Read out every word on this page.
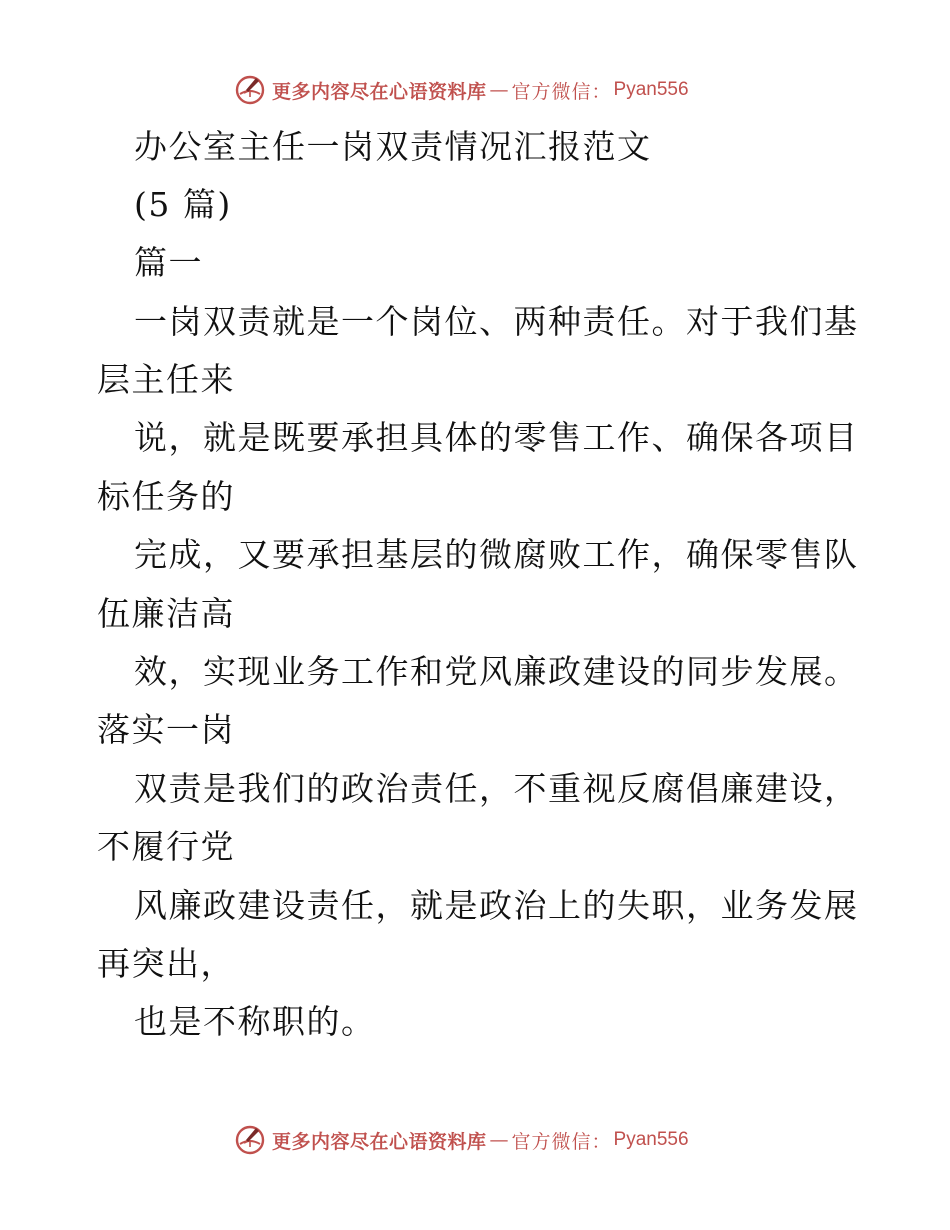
更多内容尽在心语资料库 — 官方微信： Pyan556
办公室主任一岗双责情况汇报范文
(5 篇)
篇一
一岗双责就是一个岗位、两种责任。对于我们基
层主任来
说，就是既要承担具体的零售工作、确保各项目
标任务的
完成，又要承担基层的微腐败工作，确保零售队
伍廉洁高
效，实现业务工作和党风廉政建设的同步发展。
落实一岗
双责是我们的政治责任，不重视反腐倡廉建设，
不履行党
风廉政建设责任，就是政治上的失职，业务发展
再突出，
也是不称职的。
更多内容尽在心语资料库 — 官方微信： Pyan556
